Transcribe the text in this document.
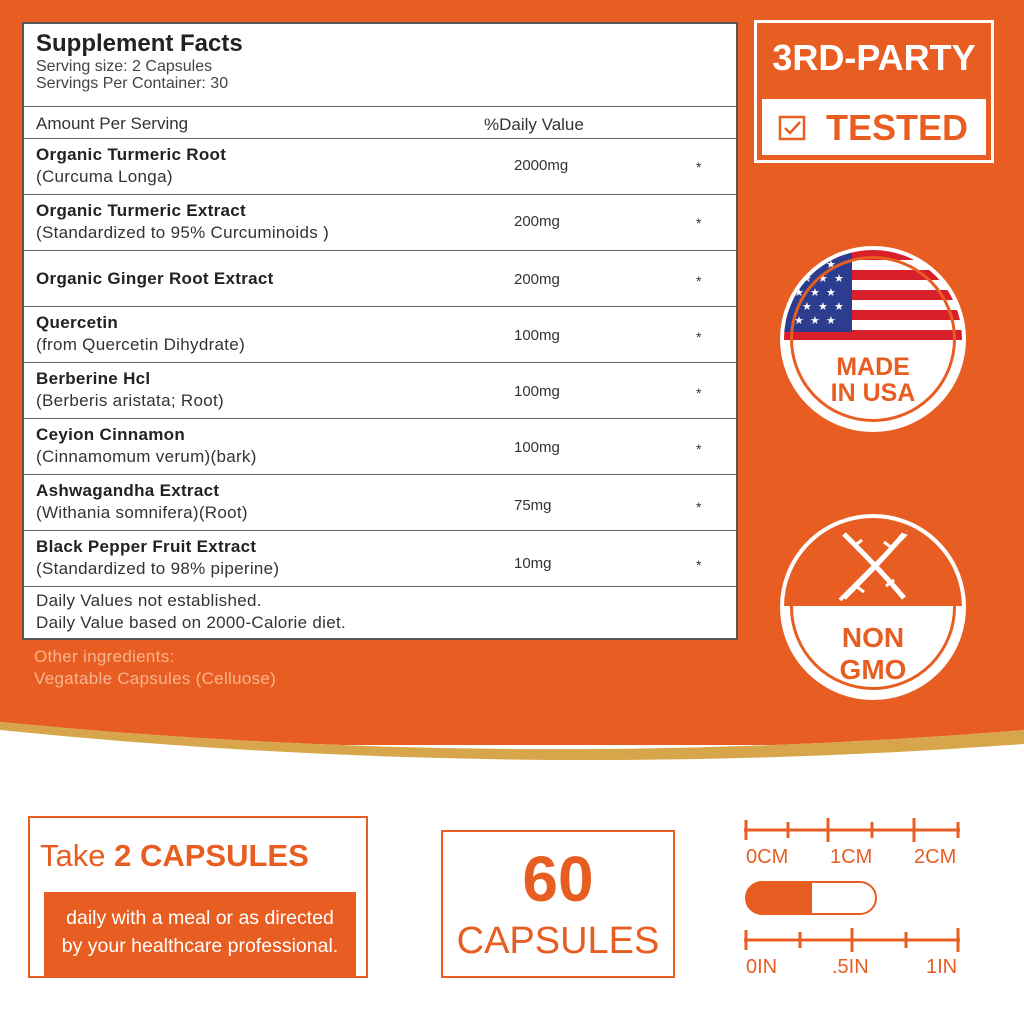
Supplement Facts
Serving size: 2 Capsules
Servings Per Container: 30
Amount Per Serving	%Daily Value
Organic Turmeric Root
(Curcuma Longa)
2000mg	*
Organic Turmeric Extract
(Standardized to 95% Curcuminoids )
200mg	*
Organic Ginger Root Extract	200mg	*
Quercetin
(from Quercetin Dihydrate)	100mg	*
Berberine Hcl
(Berberis aristata; Root)	100mg	*
Ceyion Cinnamon
(Cinnamomum verum)(bark)	100mg	*
Ashwagandha Extract
(Withania somnifera)(Root)	75mg	*
Black Pepper Fruit Extract
(Standardized to 98% piperine)	10mg	*
Daily Values not established.
Daily Value based on 2000-Calorie diet.
Other ingredients:
Vegatable Capsules (Celluose)
3RD-PARTY
TESTED
★ ★ ★
★ ★ ★
★ ★ ★
★ ★ ★
★ ★ ★
MADE
IN USA
NON
GMO
Take 2 CAPSULES
daily with a meal or as directed
by your healthcare professional.
60
CAPSULES
0CM 1CM 2CM
0IN	.5IN	1IN
